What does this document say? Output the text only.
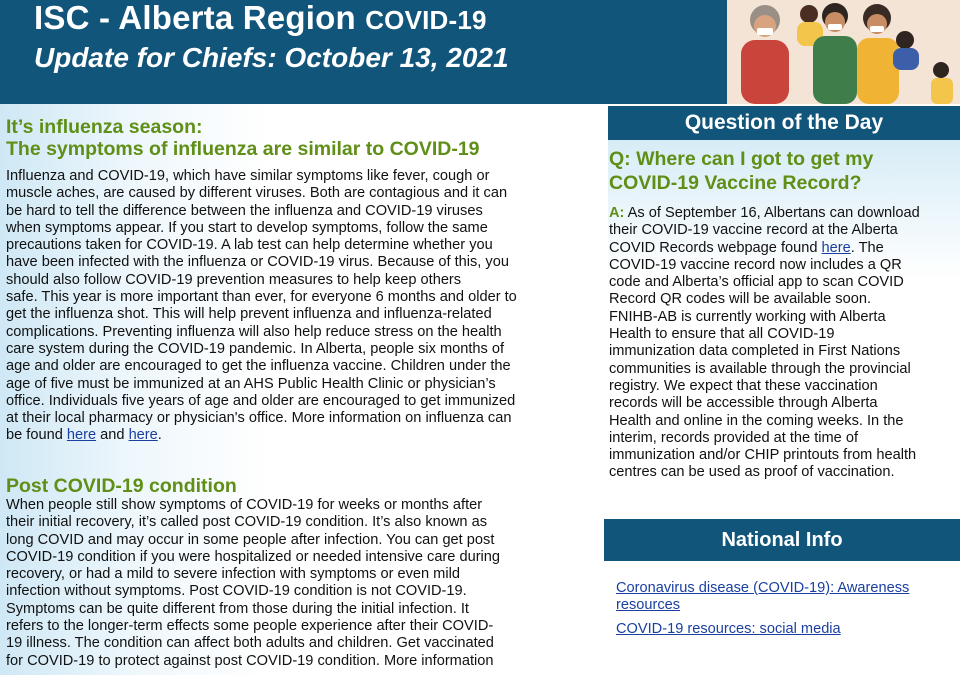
ISC - Alberta Region COVID-19
Update for Chiefs: October 13, 2021
It’s influenza season:
The symptoms of influenza are similar to COVID-19
Influenza and COVID-19, which have similar symptoms like fever, cough or
muscle aches, are caused by different viruses. Both are contagious and it can
be hard to tell the difference between the influenza and COVID-19 viruses
when symptoms appear. If you start to develop symptoms, follow the same
precautions taken for COVID-19. A lab test can help determine whether you
have been infected with the influenza or COVID-19 virus. Because of this, you
should also follow COVID-19 prevention measures to help keep others
safe. This year is more important than ever, for everyone 6 months and older to
get the influenza shot. This will help prevent influenza and influenza-related
complications. Preventing influenza will also help reduce stress on the health
care system during the COVID-19 pandemic. In Alberta, people six months of
age and older are encouraged to get the influenza vaccine. Children under the
age of five must be immunized at an AHS Public Health Clinic or physician’s
office. Individuals five years of age and older are encouraged to get immunized
at their local pharmacy or physician's office. More information on influenza can
be found here and here.
Post COVID-19 condition
When people still show symptoms of COVID-19 for weeks or months after
their initial recovery, it’s called post COVID-19 condition. It’s also known as
long COVID and may occur in some people after infection. You can get post
COVID-19 condition if you were hospitalized or needed intensive care during
recovery, or had a mild to severe infection with symptoms or even mild
infection without symptoms. Post COVID-19 condition is not COVID-19.
Symptoms can be quite different from those during the initial infection. It
refers to the longer-term effects some people experience after their COVID-
19 illness. The condition can affect both adults and children. Get vaccinated
for COVID-19 to protect against post COVID-19 condition. More information
Question of the Day
Q: Where can I got to get my
COVID-19 Vaccine Record?
A: As of September 16, Albertans can download
their COVID-19 vaccine record at the Alberta
COVID Records webpage found here. The
COVID-19 vaccine record now includes a QR
code and Alberta’s official app to scan COVID
Record QR codes will be available soon.
FNIHB-AB is currently working with Alberta
Health to ensure that all COVID-19
immunization data completed in First Nations
communities is available through the provincial
registry. We expect that these vaccination
records will be accessible through Alberta
Health and online in the coming weeks. In the
interim, records provided at the time of
immunization and/or CHIP printouts from health
centres can be used as proof of vaccination.
National Info
Coronavirus disease (COVID-19): Awareness
resources
COVID-19 resources: social media
